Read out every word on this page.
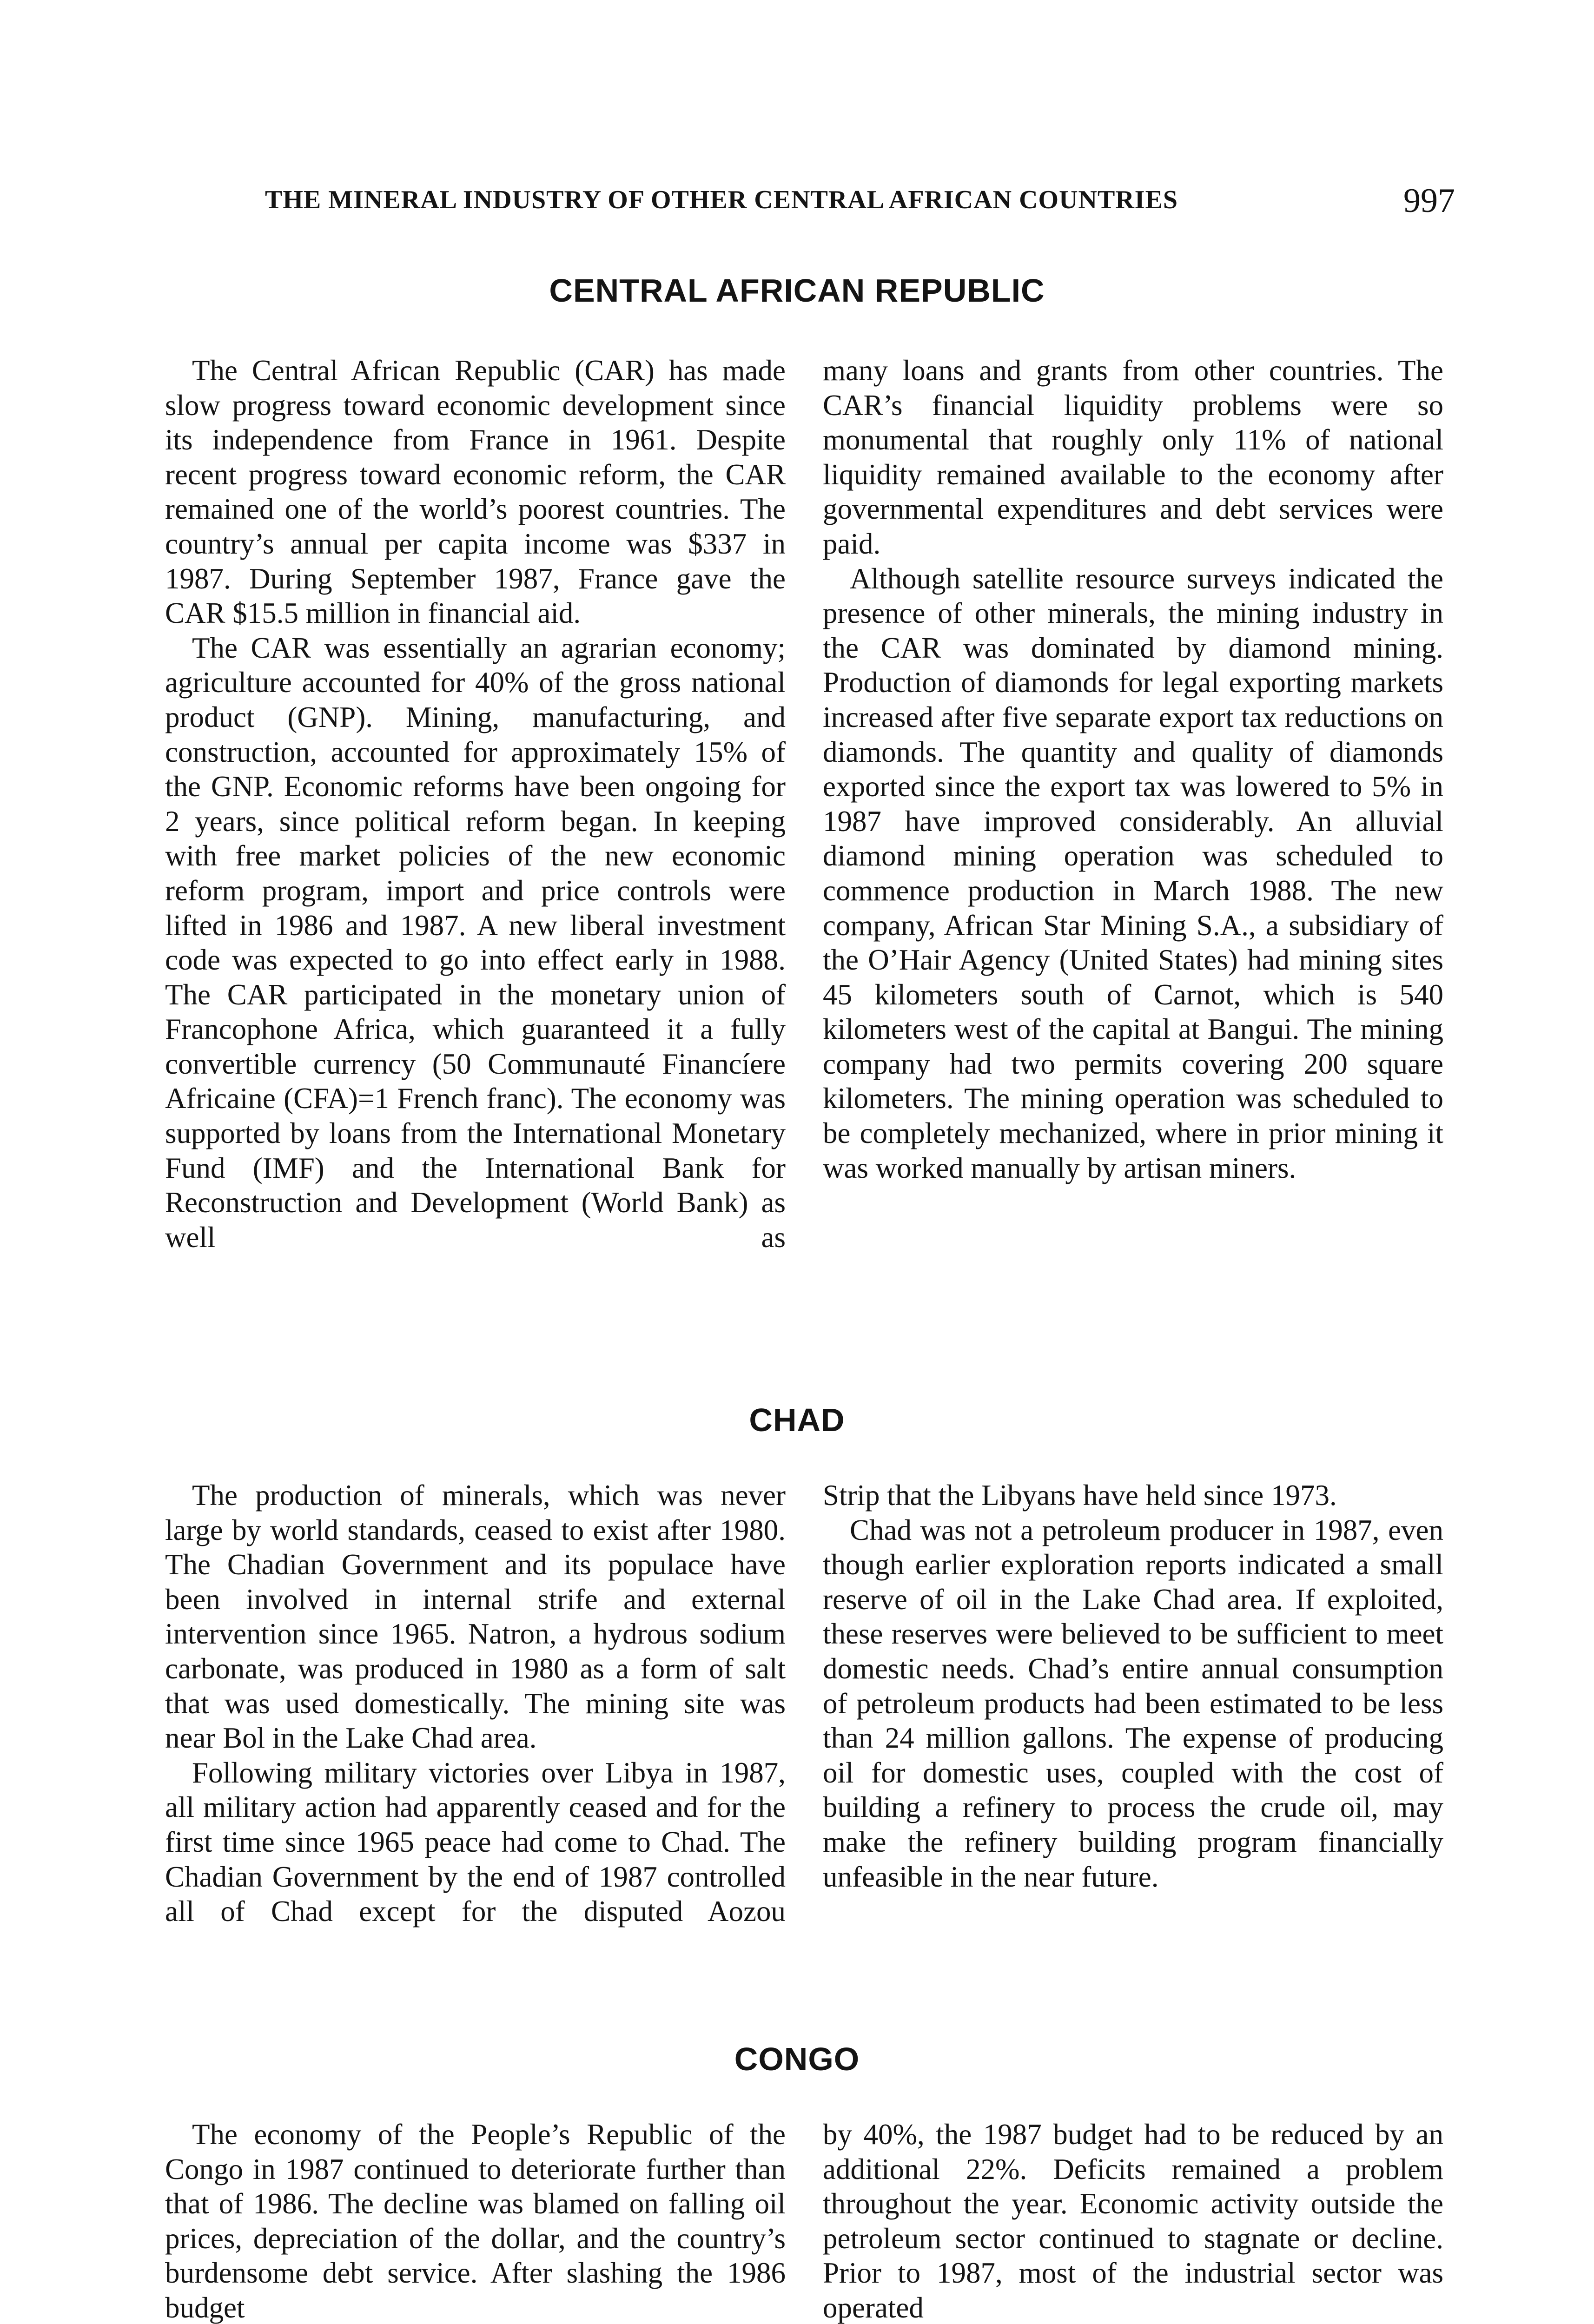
THE MINERAL INDUSTRY OF OTHER CENTRAL AFRICAN COUNTRIES	997
CENTRAL AFRICAN REPUBLIC

The Central African Republic (CAR) has made slow progress toward economic development since its independence from France in 1961. Despite recent progress toward economic reform, the CAR remained one of the world’s poorest countries. The country’s annual per capita income was $337 in 1987. During September 1987, France gave the CAR $15.5 million in financial aid.

The CAR was essentially an agrarian economy; agriculture accounted for 40% of the gross national product (GNP). Mining, manufacturing, and construction, accounted for approximately 15% of the GNP. Economic reforms have been ongoing for 2 years, since political reform began. In keeping with free market policies of the new economic reform program, import and price controls were lifted in 1986 and 1987. A new liberal investment code was expected to go into effect early in 1988. The CAR participated in the monetary union of Francophone Africa, which guaranteed it a fully convertible currency (50 Communauté Financíere Africaine (CFA)=1 French franc). The economy was supported by loans from the International Monetary Fund (IMF) and the International Bank for Reconstruction and Development (World Bank) as well as

many loans and grants from other countries. The CAR’s financial liquidity problems were so monumental that roughly only 11% of national liquidity remained available to the economy after governmental expenditures and debt services were paid.

Although satellite resource surveys indicated the presence of other minerals, the mining industry in the CAR was dominated by diamond mining. Production of diamonds for legal exporting markets increased after five separate export tax reductions on diamonds. The quantity and quality of diamonds exported since the export tax was lowered to 5% in 1987 have improved considerably. An alluvial diamond mining operation was scheduled to commence production in March 1988. The new company, African Star Mining S.A., a subsidiary of the O’Hair Agency (United States) had mining sites 45 kilometers south of Carnot, which is 540 kilometers west of the capital at Bangui. The mining company had two permits covering 200 square kilometers. The mining operation was scheduled to be completely mechanized, where in prior mining it was worked manually by artisan miners.

CHAD

The production of minerals, which was never large by world standards, ceased to exist after 1980. The Chadian Government and its populace have been involved in internal strife and external intervention since 1965. Natron, a hydrous sodium carbonate, was produced in 1980 as a form of salt that was used domestically. The mining site was near Bol in the Lake Chad area.

Following military victories over Libya in 1987, all military action had apparently ceased and for the first time since 1965 peace had come to Chad. The Chadian Government by the end of 1987 controlled all of Chad except for the disputed Aozou

Strip that the Libyans have held since 1973.

Chad was not a petroleum producer in 1987, even though earlier exploration reports indicated a small reserve of oil in the Lake Chad area. If exploited, these reserves were believed to be sufficient to meet domestic needs. Chad’s entire annual consumption of petroleum products had been estimated to be less than 24 million gallons. The expense of producing oil for domestic uses, coupled with the cost of building a refinery to process the crude oil, may make the refinery building program financially unfeasible in the near future.

CONGO

The economy of the People’s Republic of the Congo in 1987 continued to deteriorate further than that of 1986. The decline was blamed on falling oil prices, depreciation of the dollar, and the country’s burdensome debt service. After slashing the 1986 budget

by 40%, the 1987 budget had to be reduced by an additional 22%. Deficits remained a problem throughout the year. Economic activity outside the petroleum sector continued to stagnate or decline. Prior to 1987, most of the industrial sector was operated
